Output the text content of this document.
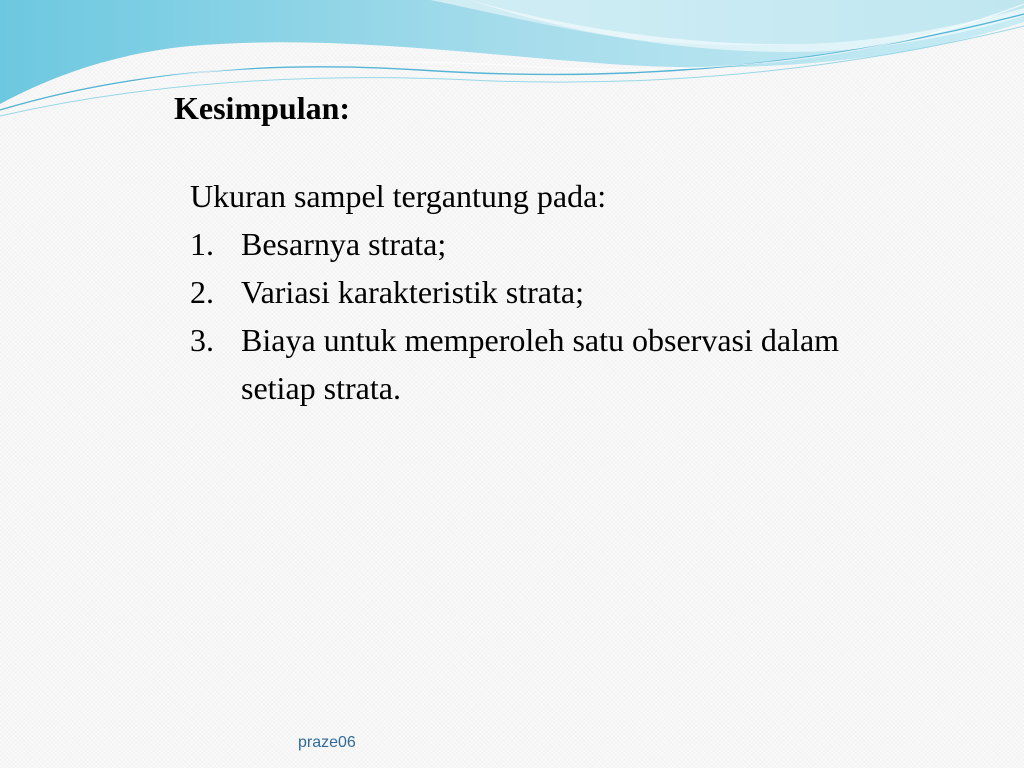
Kesimpulan:

Ukuran sampel tergantung pada:

1. Besarnya strata;
2. Variasi karakteristik strata;
3. Biaya untuk memperoleh satu observasi dalam setiap strata.
praze06
